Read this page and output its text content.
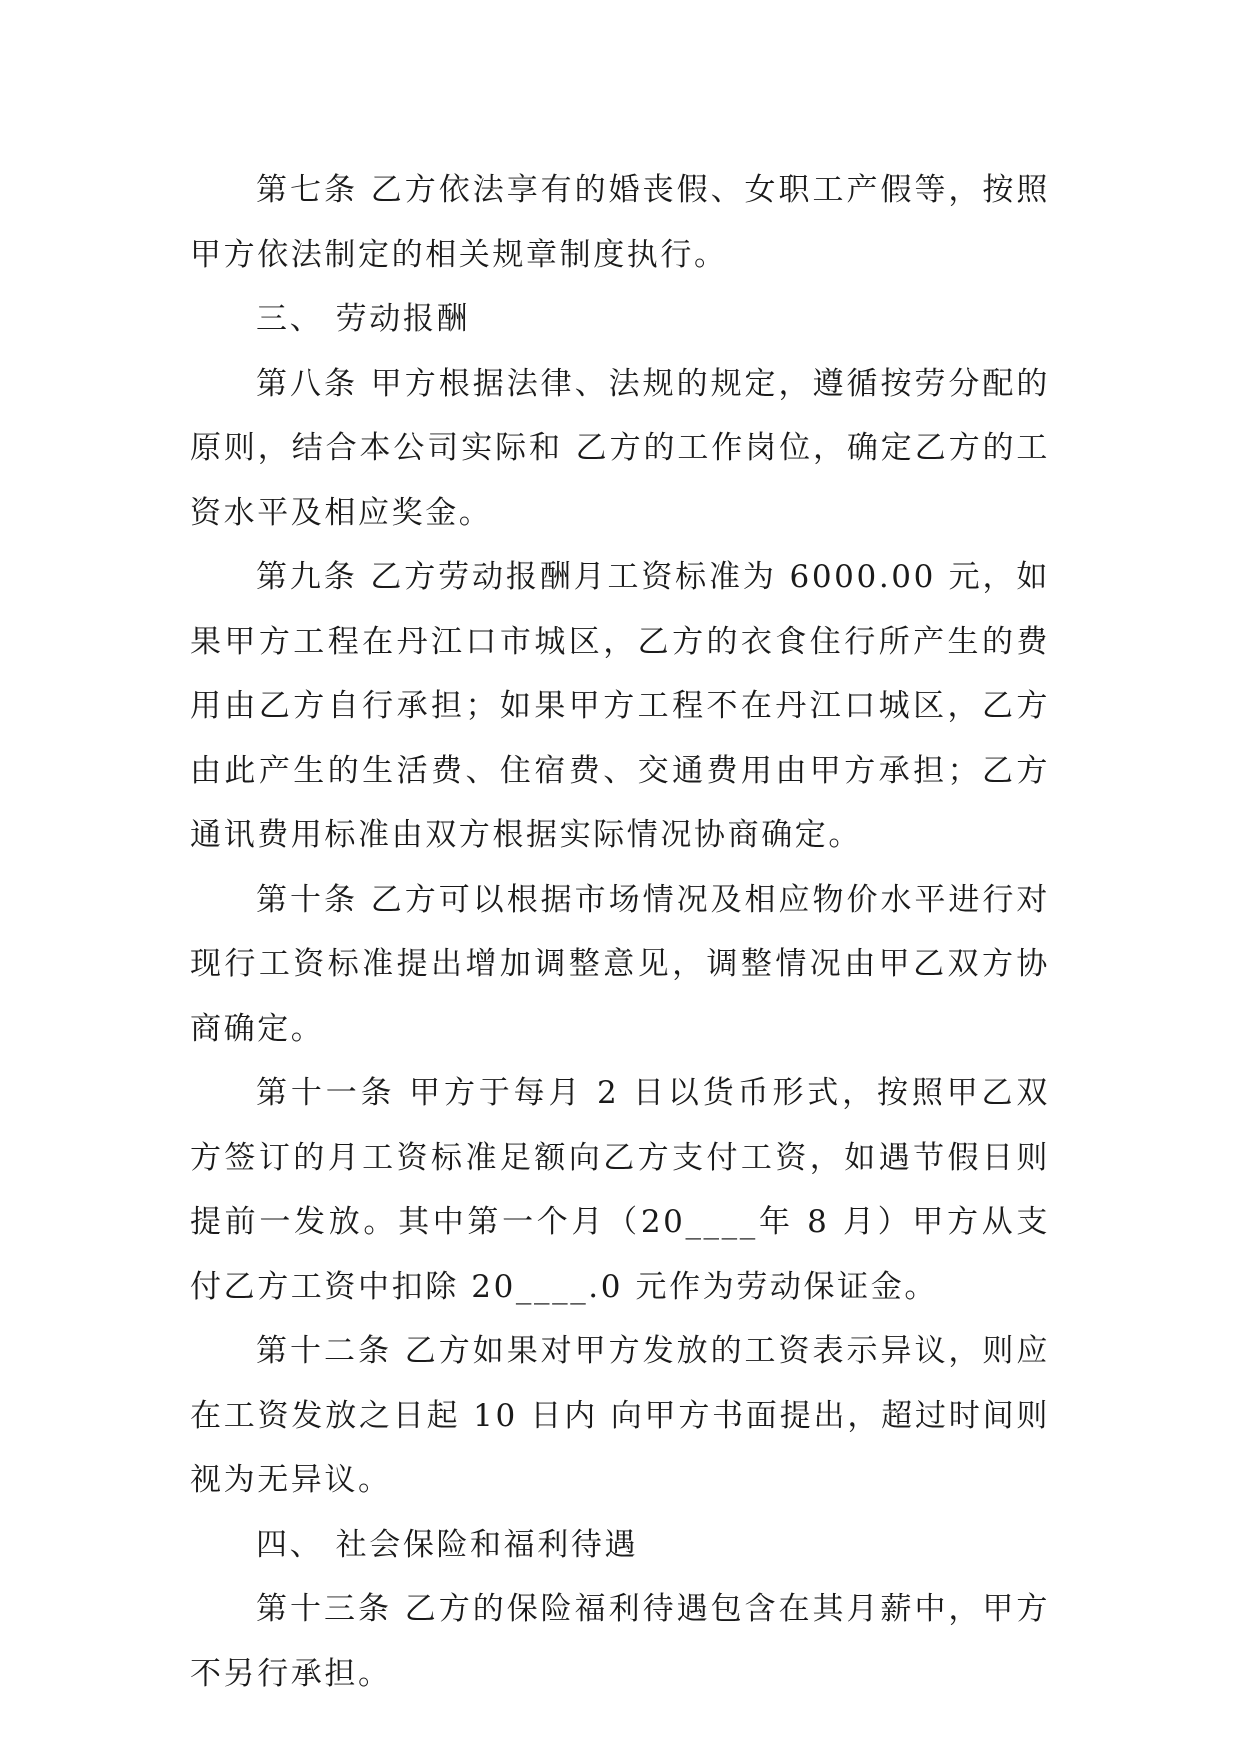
第七条 乙方依法享有的婚丧假、女职工产假等，按照甲方依法制定的相关规章制度执行。

三、 劳动报酬

第八条 甲方根据法律、法规的规定，遵循按劳分配的原则，结合本公司实际和 乙方的工作岗位，确定乙方的工资水平及相应奖金。

第九条 乙方劳动报酬月工资标准为 6000.00 元，如果甲方工程在丹江口市城区，乙方的衣食住行所产生的费用由乙方自行承担；如果甲方工程不在丹江口城区，乙方由此产生的生活费、住宿费、交通费用由甲方承担；乙方通讯费用标准由双方根据实际情况协商确定。

第十条 乙方可以根据市场情况及相应物价水平进行对现行工资标准提出增加调整意见，调整情况由甲乙双方协商确定。

第十一条 甲方于每月 2 日以货币形式，按照甲乙双方签订的月工资标准足额向乙方支付工资，如遇节假日则提前一发放。其中第一个月（20____年 8 月）甲方从支付乙方工资中扣除 20____.0 元作为劳动保证金。

第十二条 乙方如果对甲方发放的工资表示异议，则应在工资发放之日起 10 日内 向甲方书面提出，超过时间则视为无异议。

四、 社会保险和福利待遇

第十三条 乙方的保险福利待遇包含在其月薪中，甲方不另行承担。
